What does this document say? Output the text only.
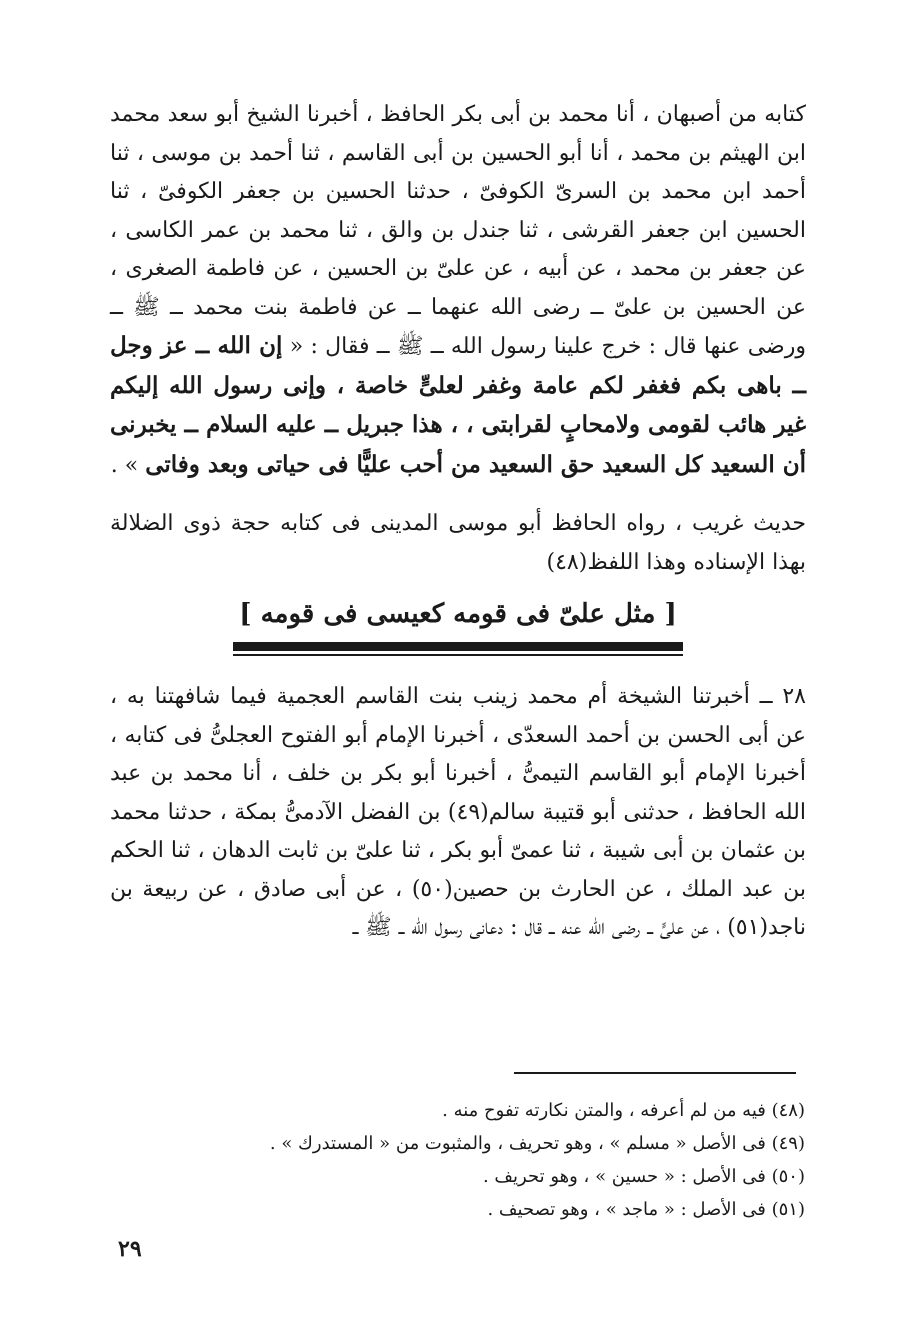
كتابه من أصبهان ، أنا محمد بن أبى بكر الحافظ ، أخبرنا الشيخ أبو سعد محمد ابن الهيثم بن محمد ، أنا أبو الحسين بن أبى القاسم ، ثنا أحمد بن موسى ، ثنا أحمد ابن محمد بن السرىّ الكوفىّ ، حدثنا الحسين بن جعفر الكوفىّ ، ثنا الحسين ابن جعفر القرشى ، ثنا جندل بن والق ، ثنا محمد بن عمر الكاسى ، عن جعفر بن محمد ، عن أبيه ، عن علىّ بن الحسين ، عن فاطمة الصغرى ، عن الحسين بن علىّ ــ رضى الله عنهما ــ عن فاطمة بنت محمد ــ ﷺ ــ ورضى عنها قال : خرج علينا رسول الله ــ ﷺ ــ فقال : « إن الله ــ عز وجل ــ باهى بكم فغفر لكم عامة وغفر لعلىٍّ خاصة ، وإنى رسول الله إليكم غير هائب لقومى ولامحابٍ لقرابتى ، ، هذا جبريل ــ عليه السلام ــ يخبرنى أن السعيد كل السعيد حق السعيد من أحب عليًّا فى حياتى وبعد وفاتى » .

حديث غريب ، رواه الحافظ أبو موسى المدينى فى كتابه حجة ذوى الضلالة بهذا الإسناده وهذا اللفظ(٤٨)

[ مثل علىّ فى قومه كعيسى فى قومه ]

٢٨ ــ أخبرتنا الشيخة أم محمد زينب بنت القاسم العجمية فيما شافهتنا به ، عن أبى الحسن بن أحمد السعدّى ، أخبرنا الإمام أبو الفتوح العجلىُّ فى كتابه ، أخبرنا الإمام أبو القاسم التيمىُّ ، أخبرنا أبو بكر بن خلف ، أنا محمد بن عبد الله الحافظ ، حدثنى أبو قتيبة سالم(٤٩) بن الفضل الآدمىُّ بمكة ، حدثنا محمد بن عثمان بن أبى شيبة ، ثنا عمىّ أبو بكر ، ثنا علىّ بن ثابت الدهان ، ثنا الحكم بن عبد الملك ، عن الحارث بن حصين(٥٠) ، عن أبى صادق ، عن ربيعة بن ناجد(٥١) ، عن علىٍّ ــ رضى الله عنه ــ قال : دعانى رسول الله ــ ﷺ ــ

(٤٨) فيه من لم أعرفه ، والمتن نكارته تفوح منه .
(٤٩) فى الأصل « مسلم » ، وهو تحريف ، والمثبوت من « المستدرك » .
(٥٠) فى الأصل : « حسين » ، وهو تحريف .
(٥١) فى الأصل : « ماجد » ، وهو تصحيف .
٢٩
